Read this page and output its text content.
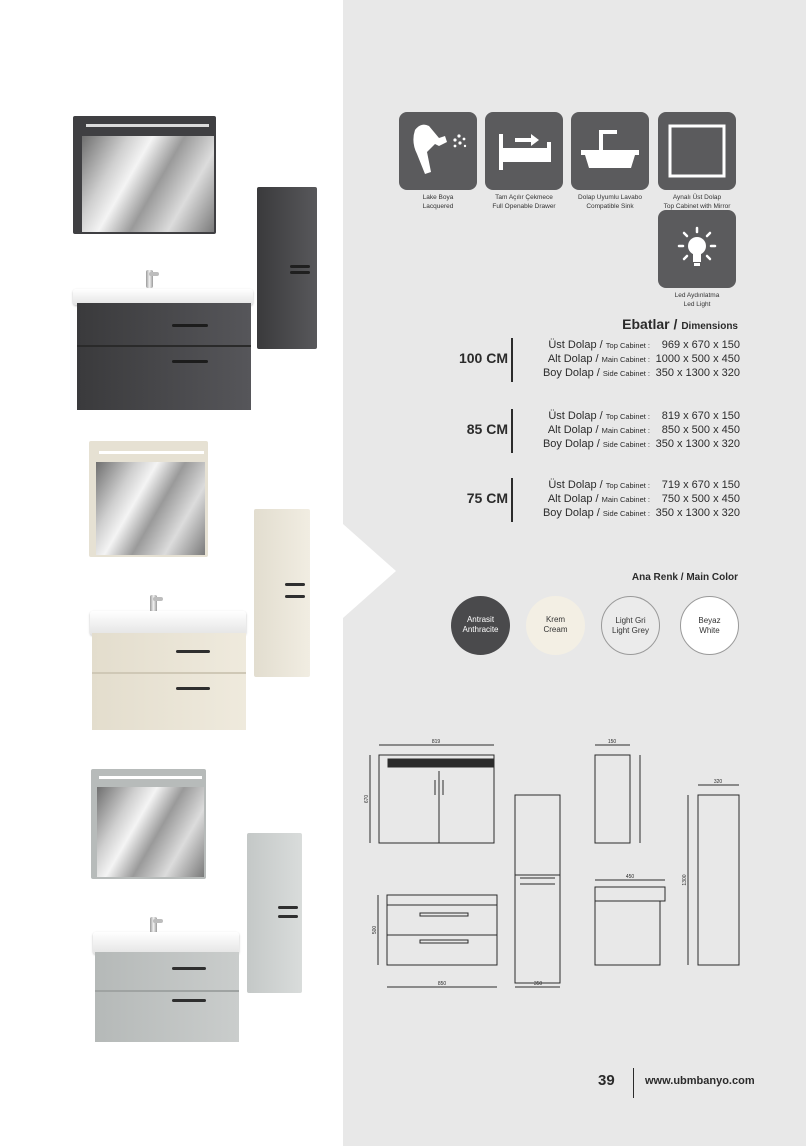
Lake Boya
Lacquered
Tam Açılır Çekmece
Full Openable Drawer
Dolap Uyumlu Lavabo
Compatible Sink
Aynalı Üst Dolap
Top Cabinet with Mirror
Led Aydınlatma
Led Light
Ebatlar / Dimensions
100 CM
Üst Dolap / Top Cabinet : 969 x 670 x 150
Alt Dolap / Main Cabinet : 1000 x 500 x 450
Boy Dolap / Side Cabinet : 350 x 1300 x 320
85 CM
Üst Dolap / Top Cabinet : 819 x 670 x 150
Alt Dolap / Main Cabinet : 850 x 500 x 450
Boy Dolap / Side Cabinet : 350 x 1300 x 320
75 CM
Üst Dolap / Top Cabinet : 719 x 670 x 150
Alt Dolap / Main Cabinet : 750 x 500 x 450
Boy Dolap / Side Cabinet : 350 x 1300 x 320
Ana Renk / Main Color
Antrasit
Anthracite
Krem
Cream
Light Gri
Light Grey
Beyaz
White
819
670
150
320
1300
350
500
850
450
39	www.ubmbanyo.com
